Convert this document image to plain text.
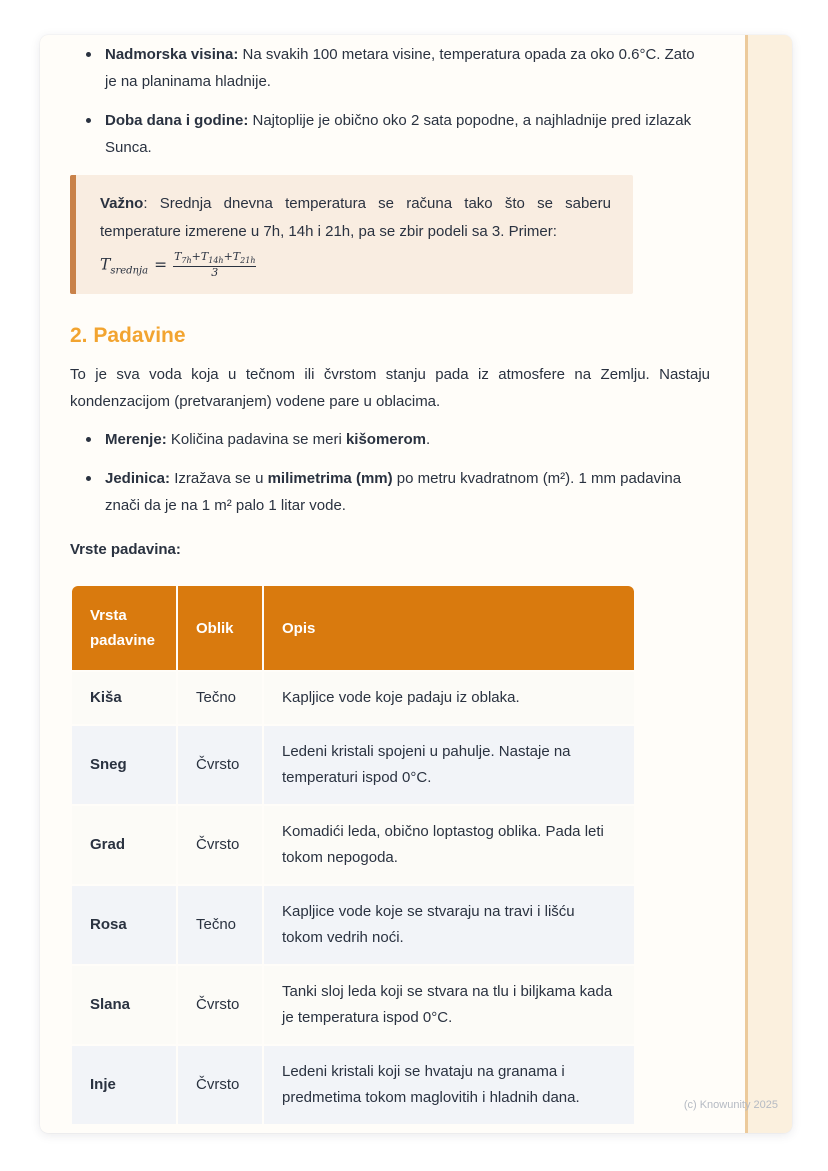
Nadmorska visina: Na svakih 100 metara visine, temperatura opada za oko 0.6°C. Zato je na planinama hladnije.
Doba dana i godine: Najtoplije je obično oko 2 sata popodne, a najhladnije pred izlazak Sunca.

Važno: Srednja dnevna temperatura se računa tako što se saberu temperature izmerene u 7h, 14h i 21h, pa se zbir podeli sa 3. Primer:

$T_{srednja} = \frac{T_{7h}+T_{14h}+T_{21h}}{3}$
2. Padavine

To je sva voda koja u tečnom ili čvrstom stanju pada iz atmosfere na Zemlju. Nastaju kondenzacijom (pretvaranjem) vodene pare u oblacima.

Merenje: Količina padavina se meri kišomerom.
Jedinica: Izražava se u milimetrima (mm) po metru kvadratnom (m²). 1 mm padavina znači da je na 1 m² palo 1 litar vode.

Vrste padavina:

Vrsta padavine	Oblik	Opis
Kiša	Tečno	Kapljice vode koje padaju iz oblaka.
Sneg	Čvrsto	Ledeni kristali spojeni u pahulje. Nastaje na temperaturi ispod 0°C.
Grad	Čvrsto	Komadići leda, obično loptastog oblika. Pada leti tokom nepogoda.
Rosa	Tečno	Kapljice vode koje se stvaraju na travi i lišću tokom vedrih noći.
Slana	Čvrsto	Tanki sloj leda koji se stvara na tlu i biljkama kada je temperatura ispod 0°C.
Inje	Čvrsto	Ledeni kristali koji se hvataju na granama i predmetima tokom maglovitih i hladnih dana.	(c) Knowunity 2025
